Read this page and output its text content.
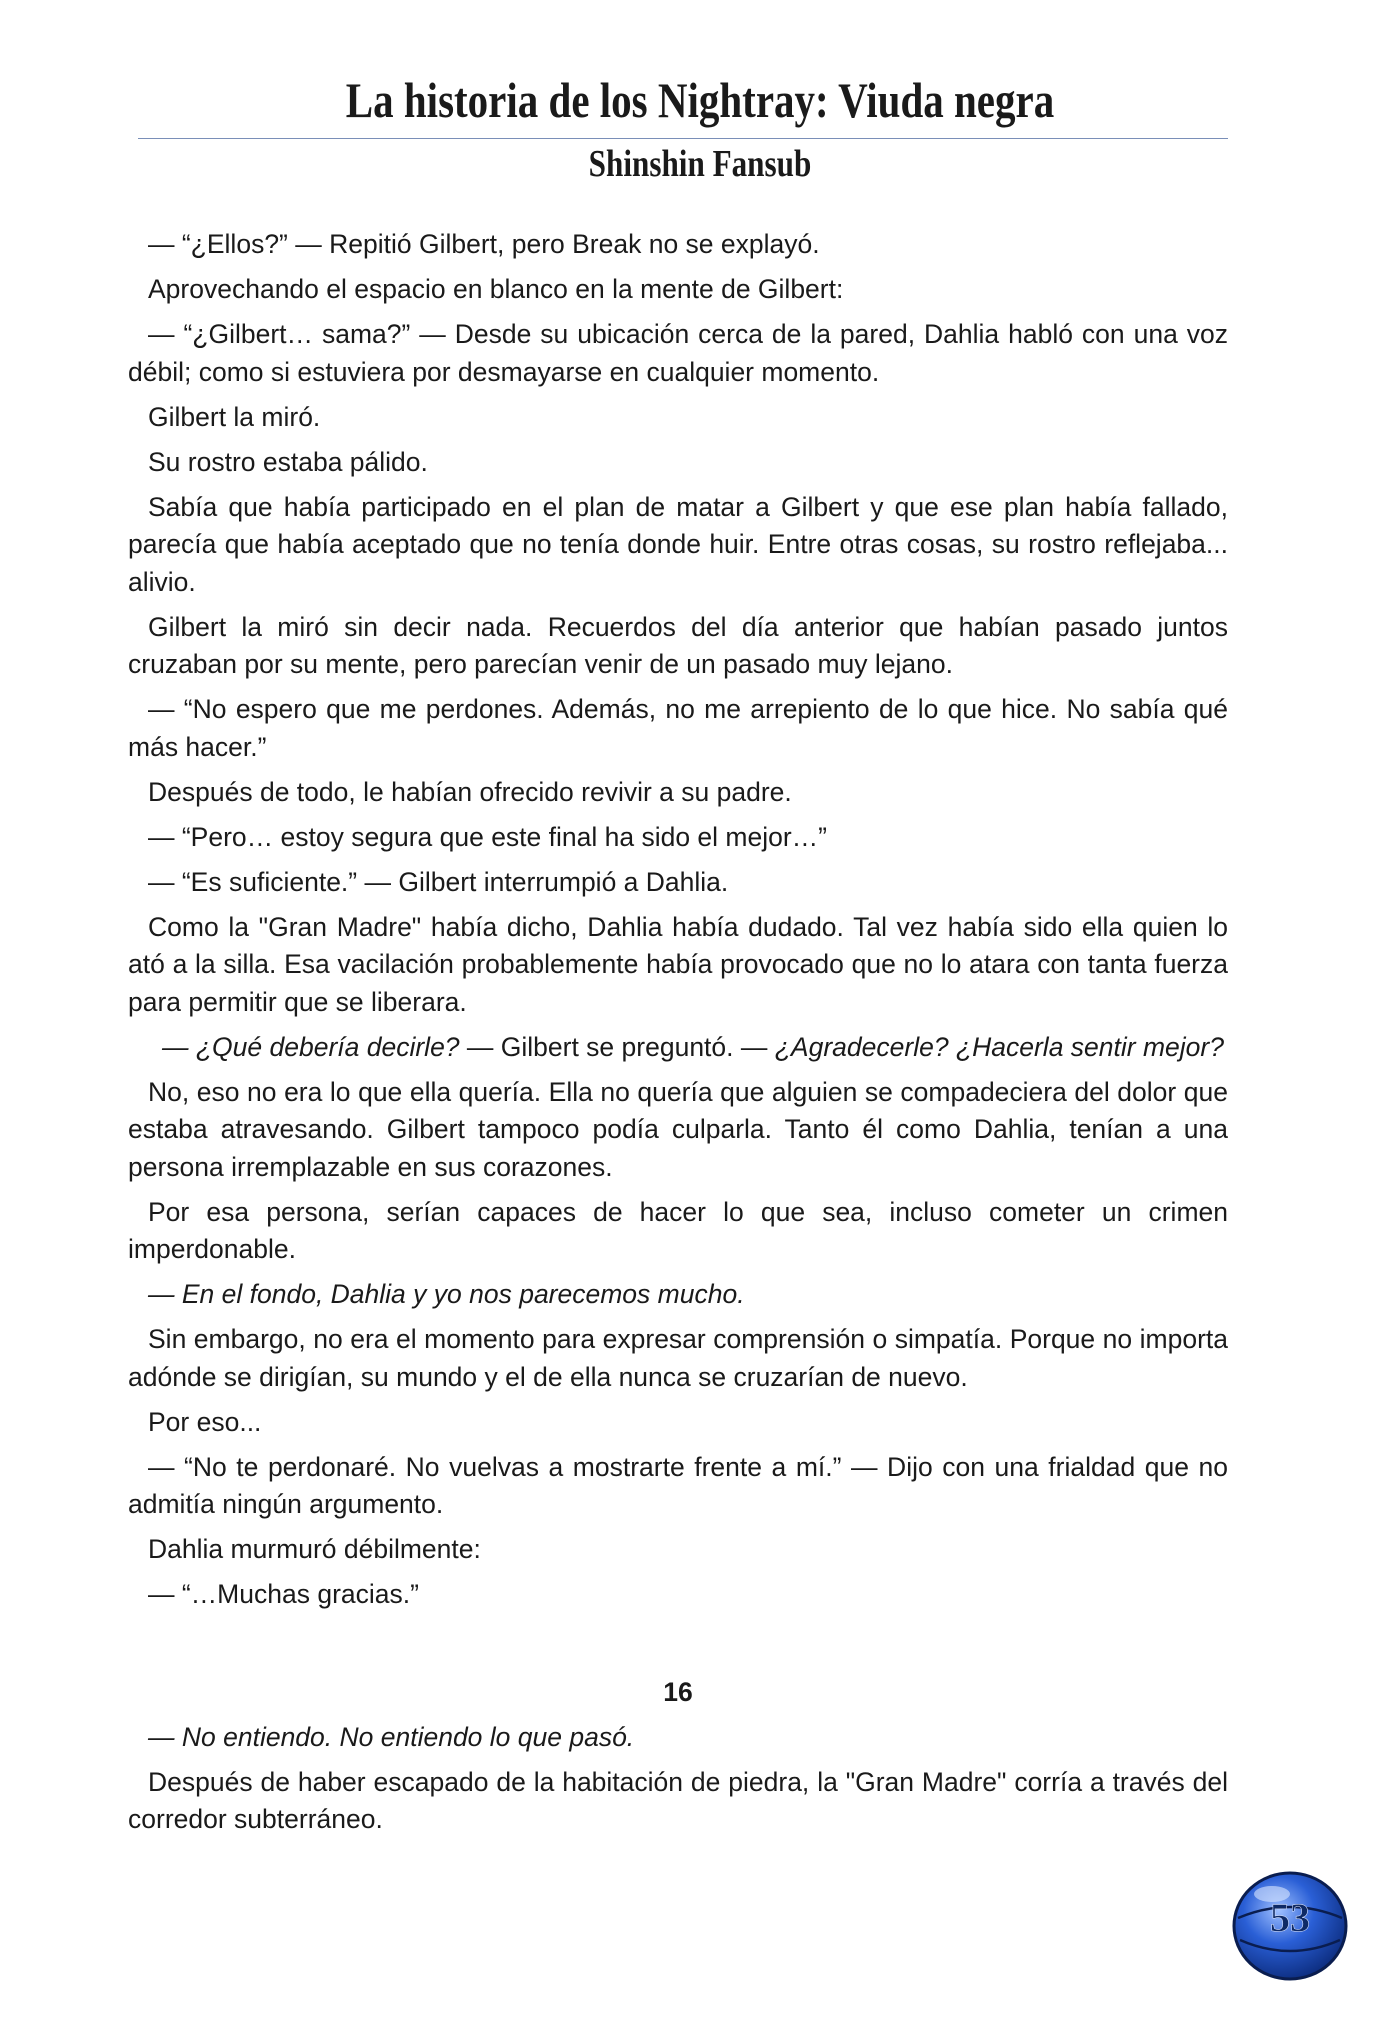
La historia de los Nightray: Viuda negra
Shinshin Fansub

— “¿Ellos?” — Repitió Gilbert, pero Break no se explayó.

Aprovechando el espacio en blanco en la mente de Gilbert:

— “¿Gilbert… sama?” — Desde su ubicación cerca de la pared, Dahlia habló con una voz débil; como si estuviera por desmayarse en cualquier momento.

Gilbert la miró.

Su rostro estaba pálido.

Sabía que había participado en el plan de matar a Gilbert y que ese plan había fallado, parecía que había aceptado que no tenía donde huir. Entre otras cosas, su rostro reflejaba... alivio.

Gilbert la miró sin decir nada. Recuerdos del día anterior que habían pasado juntos cruzaban por su mente, pero parecían venir de un pasado muy lejano.

— “No espero que me perdones. Además, no me arrepiento de lo que hice. No sabía qué más hacer.”

Después de todo, le habían ofrecido revivir a su padre.

— “Pero… estoy segura que este final ha sido el mejor…”

— “Es suficiente.” — Gilbert interrumpió a Dahlia.

Como la "Gran Madre" había dicho, Dahlia había dudado. Tal vez había sido ella quien lo ató a la silla. Esa vacilación probablemente había provocado que no lo atara con tanta fuerza para permitir que se liberara.

— ¿Qué debería decirle? — Gilbert se preguntó. — ¿Agradecerle? ¿Hacerla sentir mejor?

No, eso no era lo que ella quería. Ella no quería que alguien se compadeciera del dolor que estaba atravesando. Gilbert tampoco podía culparla. Tanto él como Dahlia, tenían a una persona irremplazable en sus corazones.

Por esa persona, serían capaces de hacer lo que sea, incluso cometer un crimen imperdonable.

— En el fondo, Dahlia y yo nos parecemos mucho.

Sin embargo, no era el momento para expresar comprensión o simpatía. Porque no importa adónde se dirigían, su mundo y el de ella nunca se cruzarían de nuevo.

Por eso...

— “No te perdonaré. No vuelvas a mostrarte frente a mí.” — Dijo con una frialdad que no admitía ningún argumento.

Dahlia murmuró débilmente:

— “…Muchas gracias.”

16

— No entiendo. No entiendo lo que pasó.

Después de haber escapado de la habitación de piedra, la "Gran Madre" corría a través del corredor subterráneo.

53
